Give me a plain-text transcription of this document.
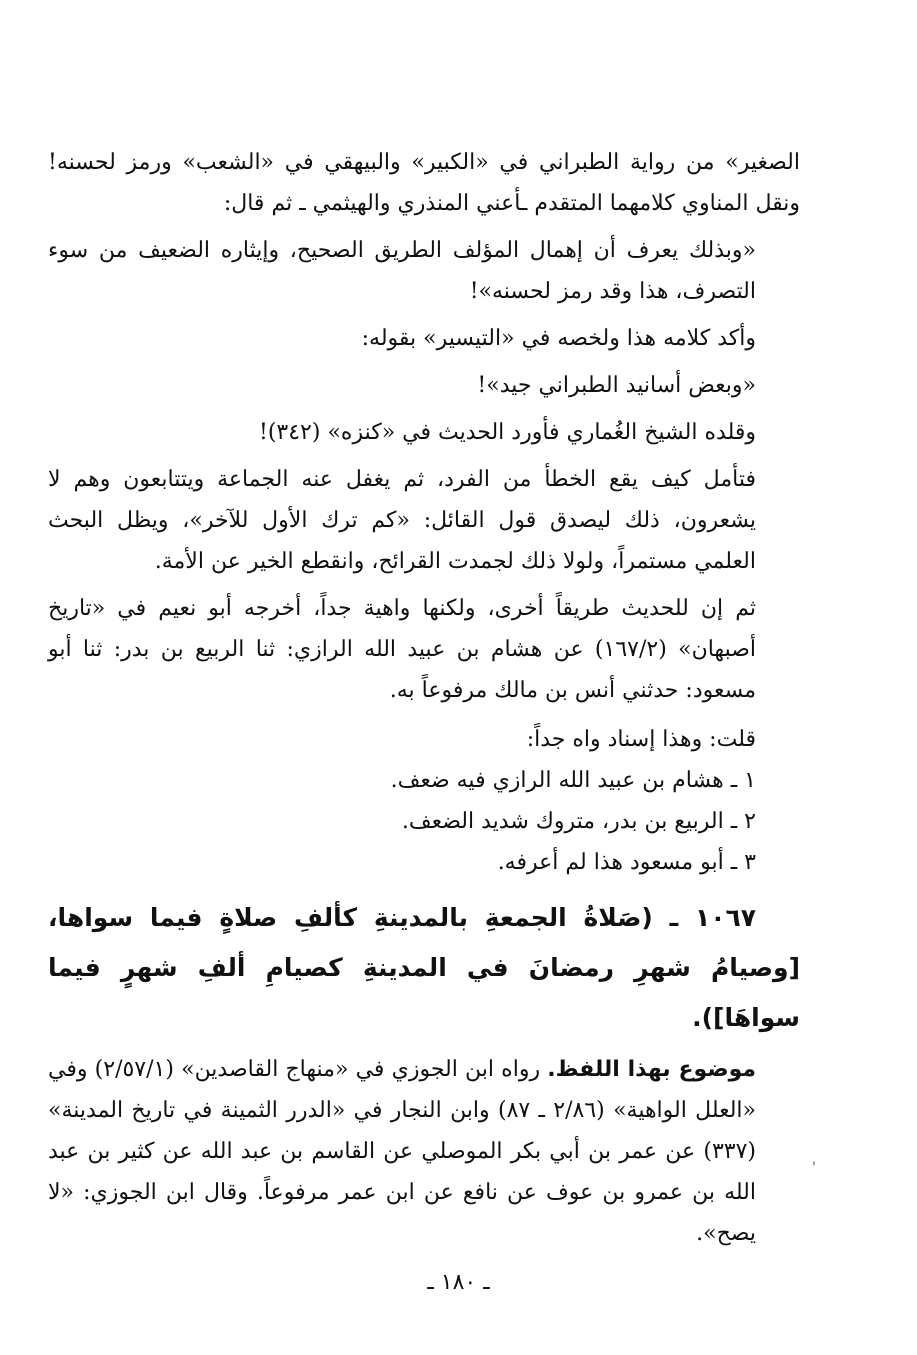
الصغير» من رواية الطبراني في «الكبير» والبيهقي في «الشعب» ورمز لحسنه! ونقل المناوي كلامهما المتقدم ـأعني المنذري والهيثمي ـ ثم قال:

«وبذلك يعرف أن إهمال المؤلف الطريق الصحيح، وإيثاره الضعيف من سوء التصرف، هذا وقد رمز لحسنه»!

وأكد كلامه هذا ولخصه في «التيسير» بقوله:

«وبعض أسانيد الطبراني جيد»!

وقلده الشيخ الغُماري فأورد الحديث في «كنزه» (٣٤٢)!

فتأمل كيف يقع الخطأ من الفرد، ثم يغفل عنه الجماعة ويتتابعون وهم لا يشعرون، ذلك ليصدق قول القائل: «كم ترك الأول للآخر»، ويظل البحث العلمي مستمراً، ولولا ذلك لجمدت القرائح، وانقطع الخير عن الأمة.

ثم إن للحديث طريقاً أخرى، ولكنها واهية جداً، أخرجه أبو نعيم في «تاريخ أصبهان» (١٦٧/٢) عن هشام بن عبيد الله الرازي: ثنا الربيع بن بدر: ثنا أبو مسعود: حدثني أنس بن مالك مرفوعاً به.

قلت: وهذا إسناد واه جداً:

١ ـ هشام بن عبيد الله الرازي فيه ضعف.

٢ ـ الربيع بن بدر، متروك شديد الضعف.

٣ ـ أبو مسعود هذا لم أعرفه.

١٠٦٧ ـ (صَلاةُ الجمعةِ بالمدينةِ كألفِ صلاةٍ فيما سواها، [وصيامُ شهرِ رمضانَ في المدينةِ كصيامِ ألفِ شهرٍ فيما سواهَا]).

موضوع بهذا اللفظ. رواه ابن الجوزي في «منهاج القاصدين» (٢/٥٧/١) وفي «العلل الواهية» (٢/٨٦ ـ ٨٧) وابن النجار في «الدرر الثمينة في تاريخ المدينة» (٣٣٧) عن عمر بن أبي بكر الموصلي عن القاسم بن عبد الله عن كثير بن عبد الله بن عمرو بن عوف عن نافع عن ابن عمر مرفوعاً. وقال ابن الجوزي: «لا يصح».

'
ـ ١٨٠ ـ
